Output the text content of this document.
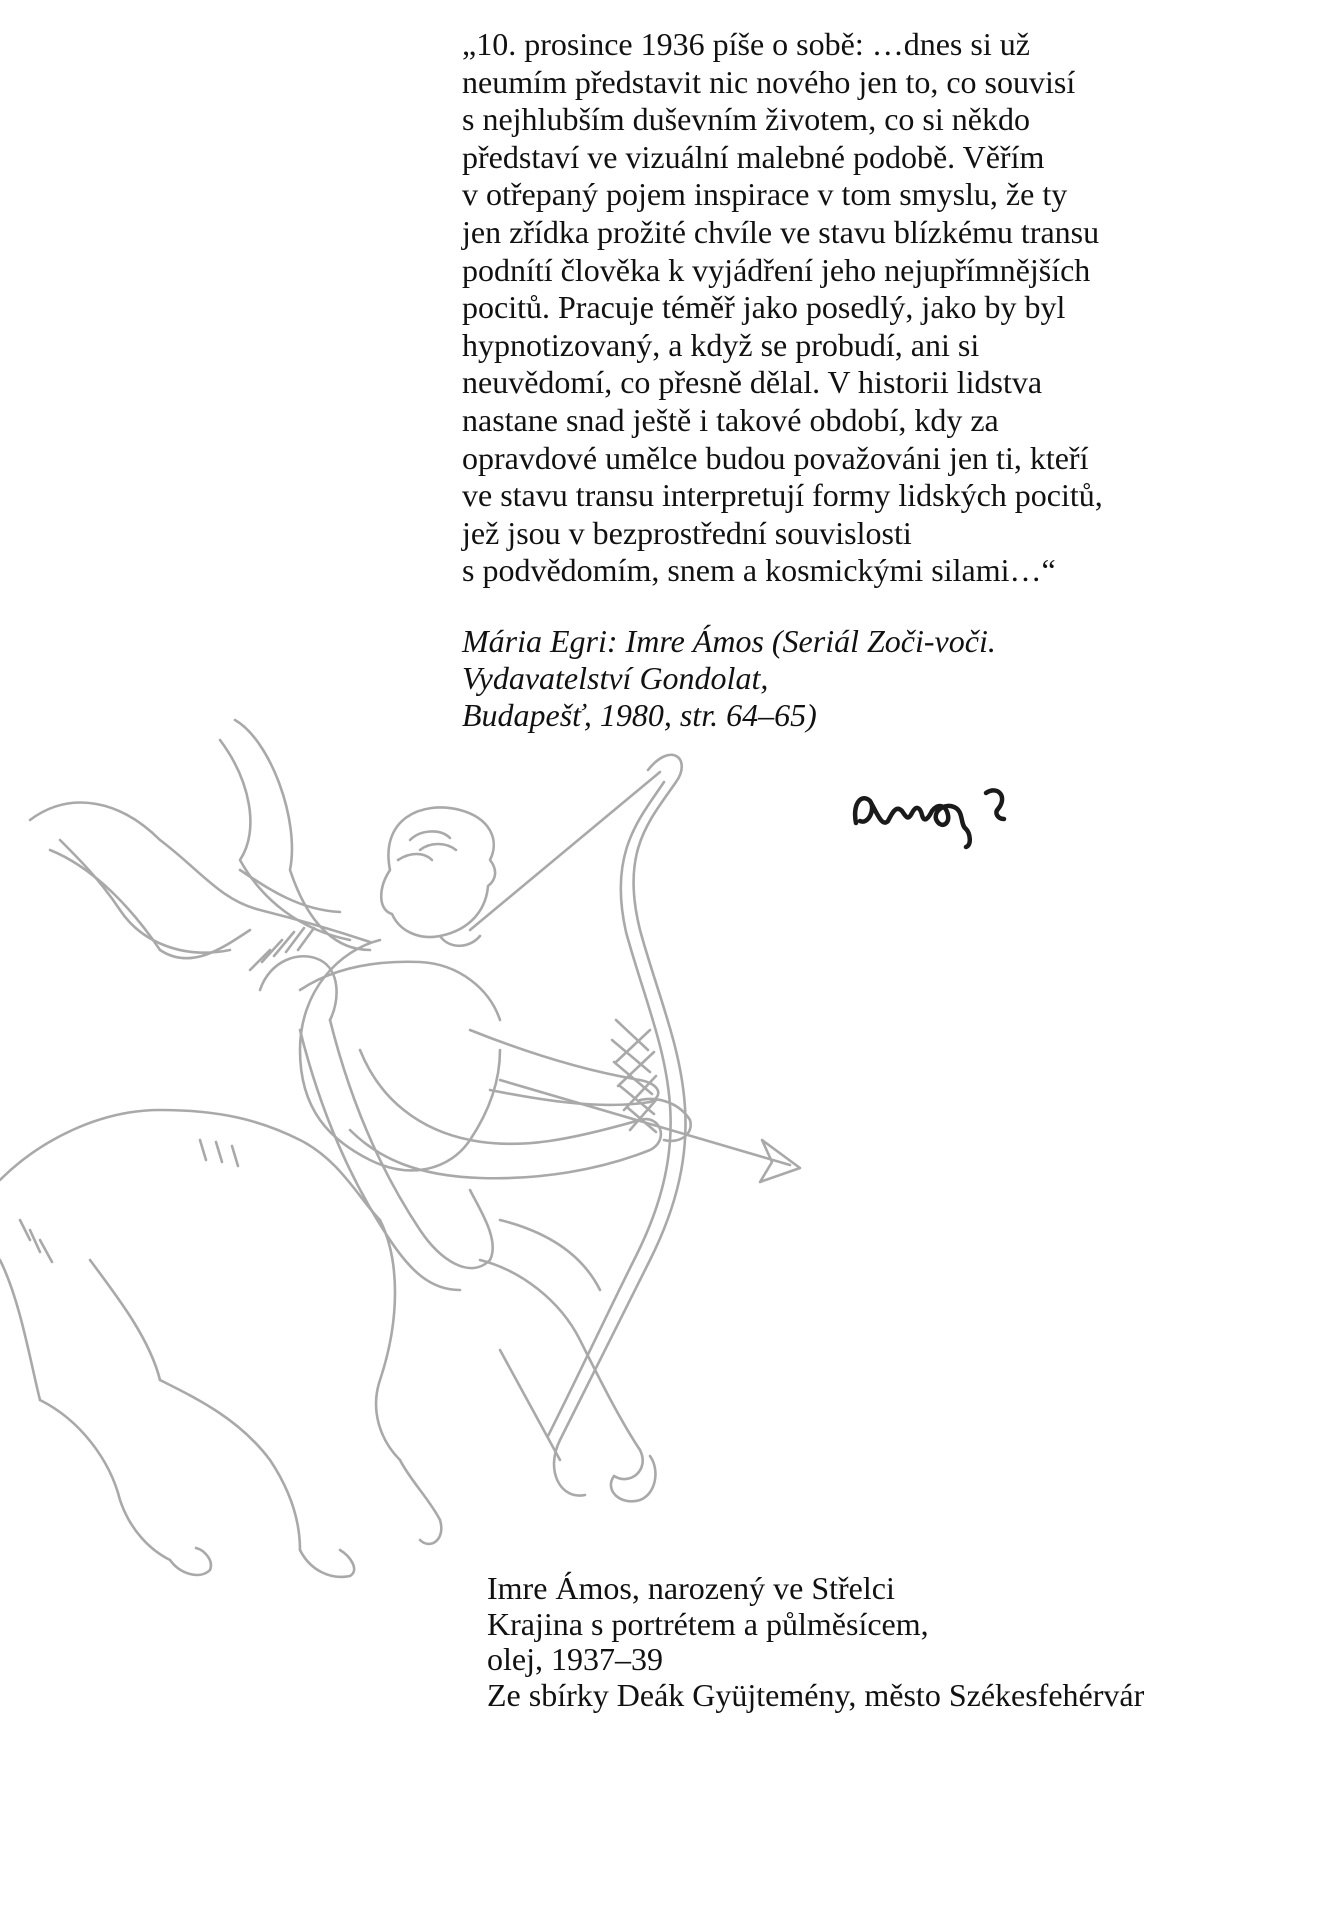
„10. prosince 1936 píše o sobě: …dnes si už
neumím představit nic nového jen to, co souvisí
s nejhlubším duševním životem, co si někdo
představí ve vizuální malebné podobě. Věřím
v otřepaný pojem inspirace v tom smyslu, že ty
jen zřídka prožité chvíle ve stavu blízkému transu
podnítí člověka k vyjádření jeho nejupřímnějších
pocitů. Pracuje téměř jako posedlý, jako by byl
hypnotizovaný, a když se probudí, ani si
neuvědomí, co přesně dělal. V historii lidstva
nastane snad ještě i takové období, kdy za
opravdové umělce budou považováni jen ti, kteří
ve stavu transu interpretují formy lidských pocitů,
jež jsou v bezprostřední souvislosti
s podvědomím, snem a kosmickými silami…“
Mária Egri: Imre Ámos (Seriál Zoči-voči.
Vydavatelství Gondolat,
Budapešť, 1980, str. 64–65)
Imre Ámos, narozený ve Střelci
Krajina s portrétem a půlměsícem,
olej, 1937–39
Ze sbírky Deák Gyüjtemény, město Székesfehérvár
